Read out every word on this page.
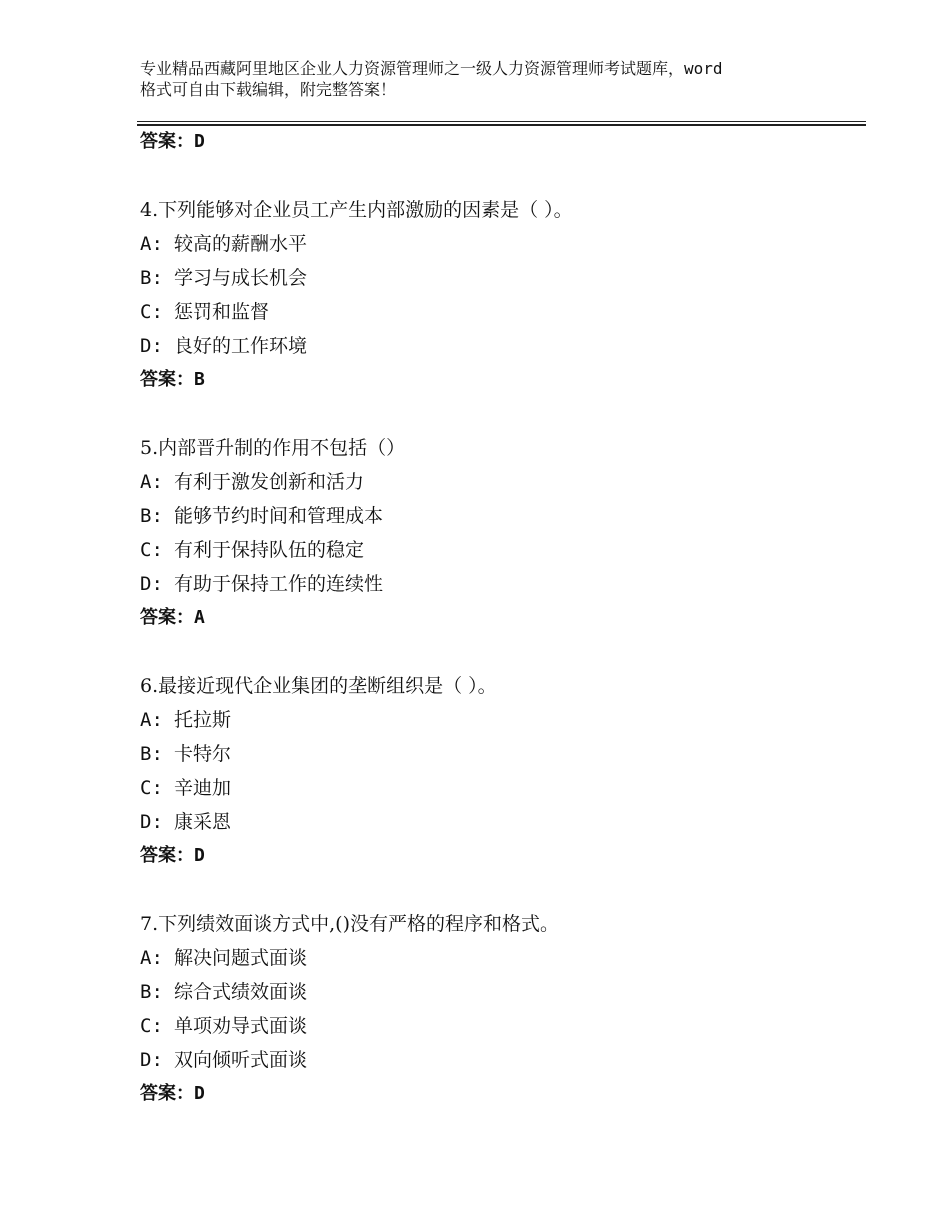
专业精品西藏阿里地区企业人力资源管理师之一级人力资源管理师考试题库，word
格式可自由下载编辑，附完整答案！
答案：D
4.下列能够对企业员工产生内部激励的因素是（ ）。
A: 较高的薪酬水平
B: 学习与成长机会
C: 惩罚和监督
D: 良好的工作环境
答案：B
5.内部晋升制的作用不包括（）
A: 有利于激发创新和活力
B: 能够节约时间和管理成本
C: 有利于保持队伍的稳定
D: 有助于保持工作的连续性
答案：A
6.最接近现代企业集团的垄断组织是（ ）。
A: 托拉斯
B: 卡特尔
C: 辛迪加
D: 康采恩
答案：D
7.下列绩效面谈方式中,()没有严格的程序和格式。
A: 解决问题式面谈
B: 综合式绩效面谈
C: 单项劝导式面谈
D: 双向倾听式面谈
答案：D
